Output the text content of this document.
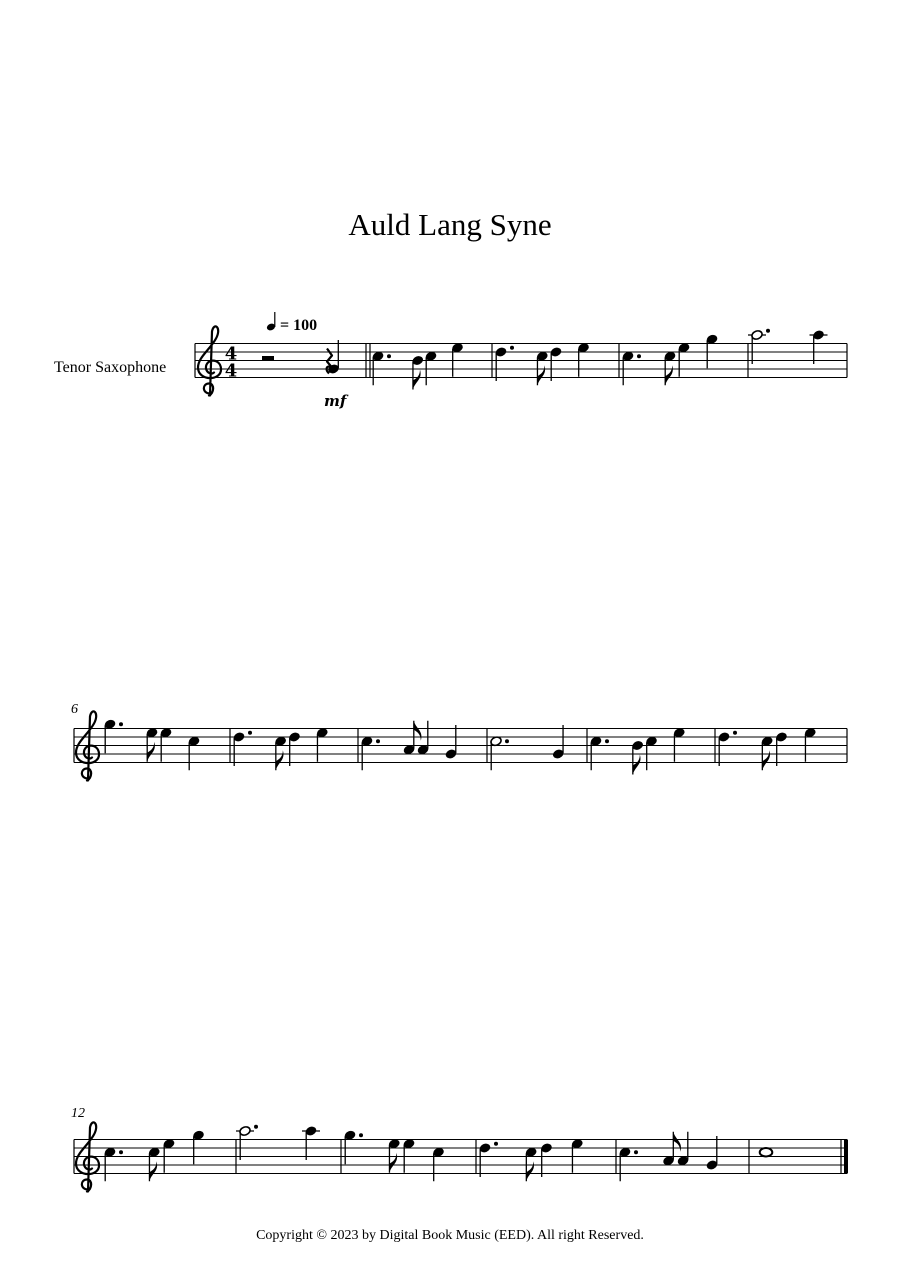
Auld Lang Syne
Tenor Saxophone
4
4
= 100
mf
6
12
Copyright © 2023 by Digital Book Music (EED). All right Reserved.
